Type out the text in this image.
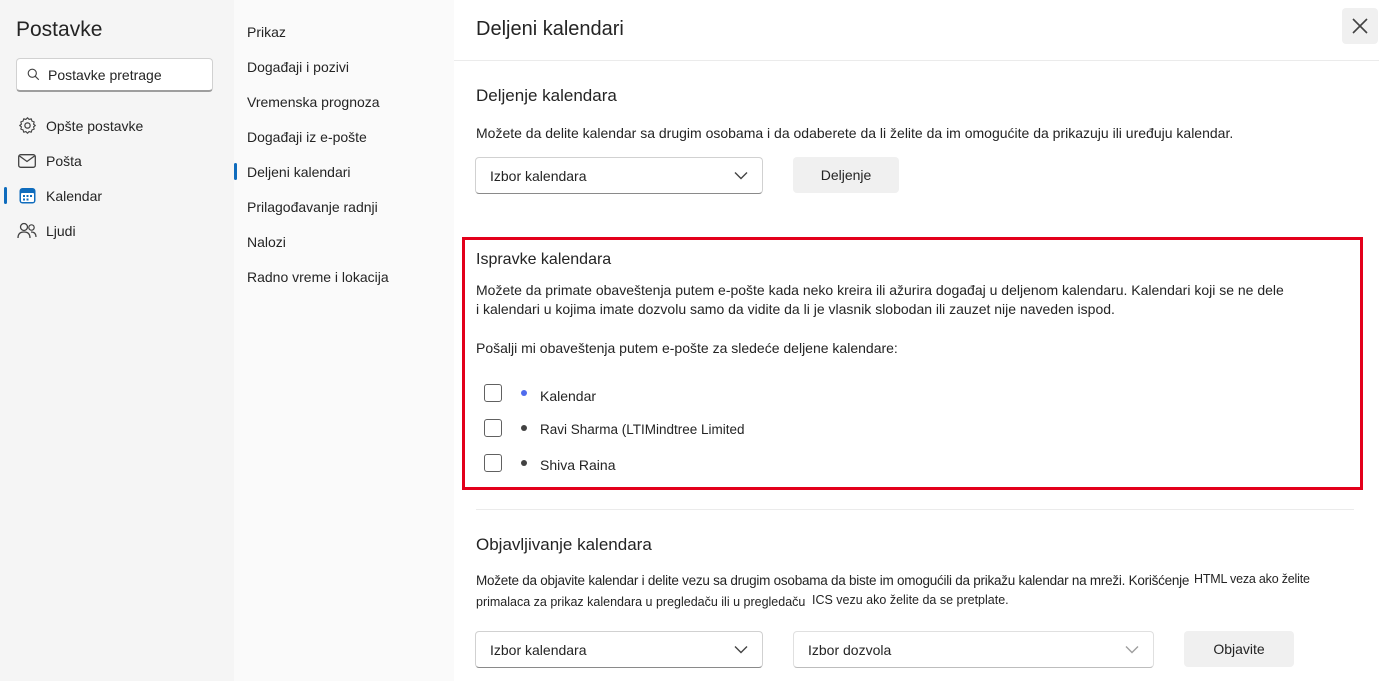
Postavke
Postavke pretrage
Opšte postavke
Pošta
Kalendar
Ljudi
Prikaz
Događaji i pozivi
Vremenska prognoza
Događaji iz e-pošte
Deljeni kalendari
Prilagođavanje radnji
Nalozi
Radno vreme i lokacija
Deljeni kalendari
Deljenje kalendara
Možete da delite kalendar sa drugim osobama i da odaberete da li želite da im omogućite da prikazuju ili uređuju kalendar.
Izbor kalendara	Deljenje
Ispravke kalendara
Možete da primate obaveštenja putem e-pošte kada neko kreira ili ažurira događaj u deljenom kalendaru. Kalendari koji se ne dele
i kalendari u kojima imate dozvolu samo da vidite da li je vlasnik slobodan ili zauzet nije naveden ispod.
Pošalji mi obaveštenja putem e-pošte za sledeće deljene kalendare:
Kalendar
Ravi Sharma (LTIMindtree Limited
Shiva Raina
Objavljivanje kalendara
Možete da objavite kalendar i delite vezu sa drugim osobama da biste im omogućili da prikažu kalendar na mreži. Korišćenje HTML veza ako želite
primalaca za prikaz kalendara u pregledaču ili u pregledaču ICS vezu ako želite da se pretplate.
Izbor kalendara	Izbor dozvola	Objavite
